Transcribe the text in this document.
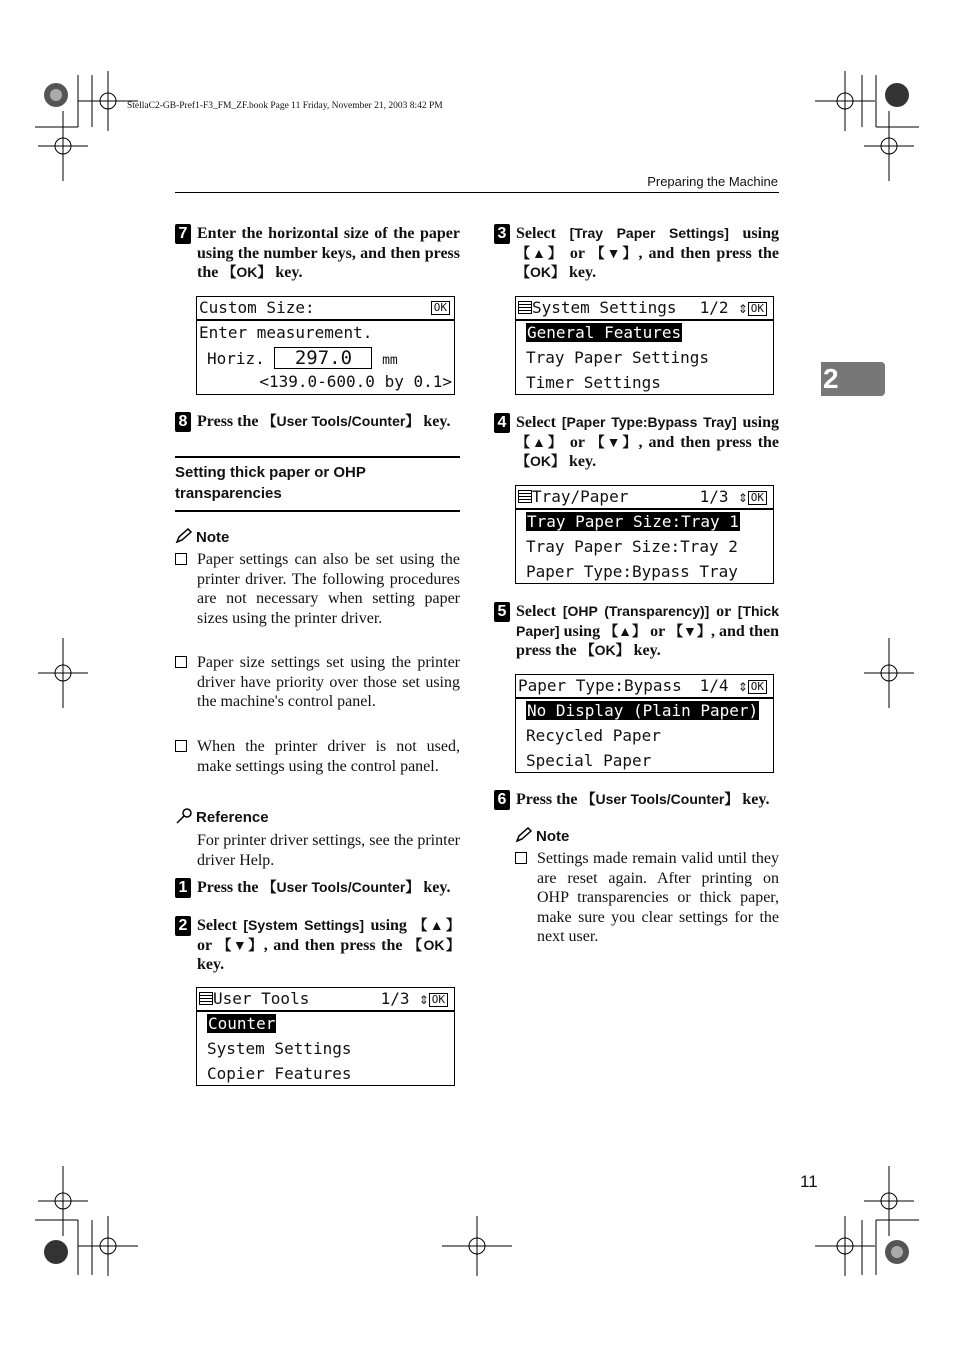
StellaC2-GB-Pref1-F3_FM_ZF.book Page 11 Friday, November 21, 2003 8:42 PM
Preparing the Machine
2
11
7 Enter the horizontal size of the paper using the number keys, and then press the 【OK】 key.
Custom Size:	OK
Enter measurement.
Horiz. 297.0 mm
<139.0-600.0 by 0.1>
8 Press the 【User Tools/Counter】 key.
Setting thick paper or OHP transparencies
Note
Paper settings can also be set using the printer driver. The following procedures are not necessary when setting paper sizes using the printer driver.
Paper size settings set using the printer driver have priority over those set using the machine's control panel.
When the printer driver is not used, make settings using the control panel.
Reference
For printer driver settings, see the printer driver Help.
1 Press the 【User Tools/Counter】 key.
2 Select [System Settings] using 【▲】 or 【▼】, and then press the 【OK】 key.
User Tools	1/3 ⇕ OK
Counter
System Settings
Copier Features
3 Select [Tray Paper Settings] using 【▲】 or 【▼】, and then press the 【OK】 key.
System Settings 1/2 ⇕ OK
General Features
Tray Paper Settings
Timer Settings
4 Select [Paper Type:Bypass Tray] using 【▲】 or 【▼】, and then press the 【OK】 key.
Tray/Paper	1/3 ⇕ OK
Tray Paper Size:Tray 1
Tray Paper Size:Tray 2
Paper Type:Bypass Tray
5 Select [OHP (Transparency)] or [Thick Paper] using 【▲】 or 【▼】, and then press the 【OK】 key.
Paper Type:Bypass 1/4 ⇕ OK
No Display (Plain Paper)
Recycled Paper
Special Paper
6 Press the 【User Tools/Counter】 key.
Note
Settings made remain valid until they are reset again. After printing on OHP transparencies or thick paper, make sure you clear settings for the next user.
